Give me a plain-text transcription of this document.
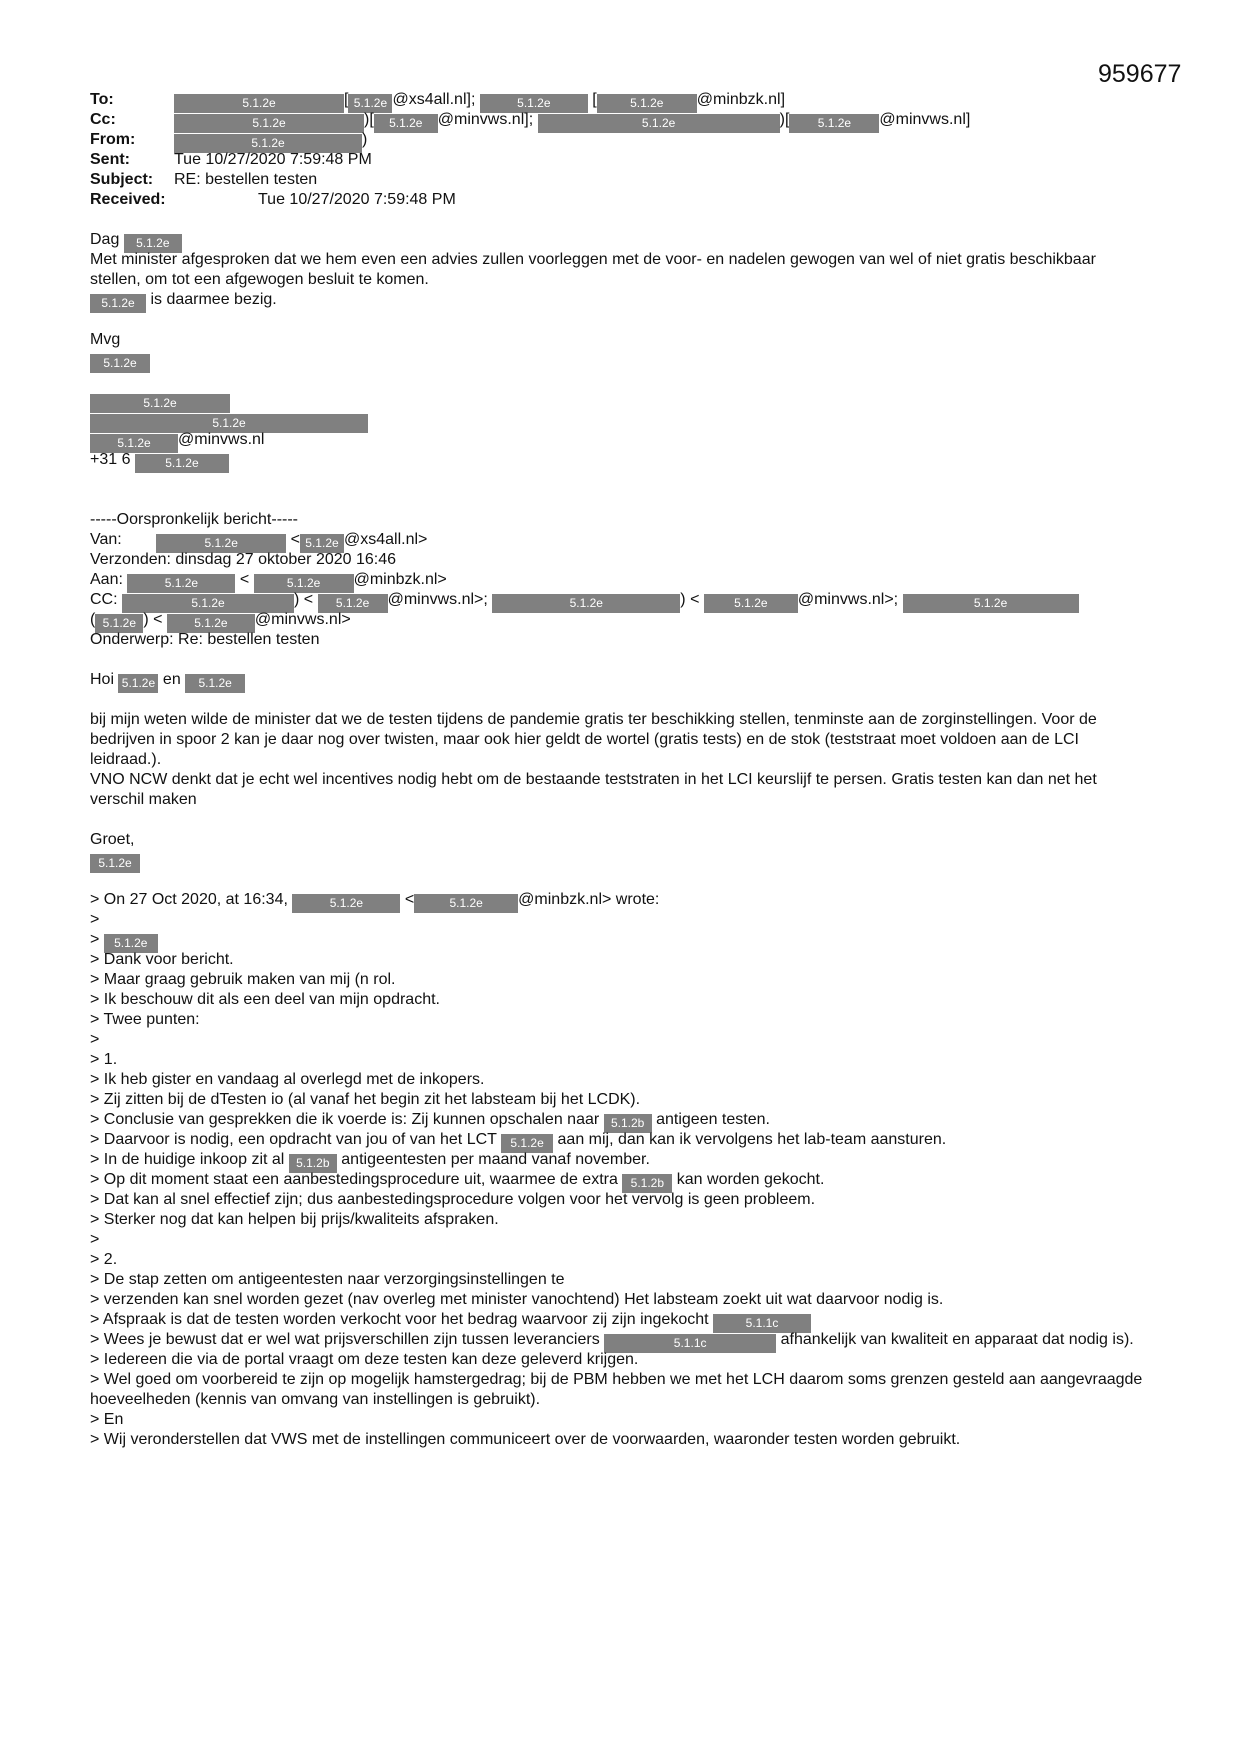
959677
To:	5.1.2e	[ 5.1.2e @xs4all.nl];	5.1.2e	[	5.1.2e @minbzk.nl]
Cc:	5.1.2e	)[ 5.1.2e @minvws.nl];	5.1.2e	)[ 5.1.2e @minvws.nl]
From:	5.1.2e	)
Sent:	Tue 10/27/2020 7:59:48 PM
Subject: RE: bestellen testen
Received:	Tue 10/27/2020 7:59:48 PM
Dag 5.1.2e
Met minister afgesproken dat we hem even een advies zullen voorleggen met de voor- en nadelen gewogen van wel of niet gratis beschikbaar stellen, om tot een afgewogen besluit te komen.
5.1.2e is daarmee bezig.
Mvg
5.1.2e
5.1.2e
5.1.2e
5.1.2e @minvws.nl
+31 6	5.1.2e
-----Oorspronkelijk bericht-----
Van:	5.1.2e	< 5.1.2e @xs4all.nl>
Verzonden: dinsdag 27 oktober 2020 16:46
Aan:	5.1.2e <	5.1.2e @minbzk.nl>
CC:	5.1.2e	) < 5.1.2e @minvws.nl>;	5.1.2e	) <	5.1.2e @minvws.nl>;	5.1.2e
( 5.1.2e ) < 5.1.2e @minvws.nl>
Onderwerp: Re: bestellen testen
Hoi 5.1.2e en 5.1.2e
bij mijn weten wilde de minister dat we de testen tijdens de pandemie gratis ter beschikking stellen, tenminste aan de zorginstellingen. Voor de bedrijven in spoor 2 kan je daar nog over twisten, maar ook hier geldt de wortel (gratis tests) en de stok (teststraat moet voldoen aan de LCI leidraad.).
VNO NCW denkt dat je echt wel incentives nodig hebt om de bestaande teststraten in het LCI keurslijf te persen. Gratis testen kan dan net het verschil maken
Groet,
5.1.2e
> On 27 Oct 2020, at 16:34,	5.1.2e <	5.1.2e @minbzk.nl> wrote:
>
> 5.1.2e
> Dank voor bericht.
> Maar graag gebruik maken van mij (n rol.
> Ik beschouw dit als een deel van mijn opdracht.
> Twee punten:
>
> 1.
> Ik heb gister en vandaag al overlegd met de inkopers.
> Zij zitten bij de dTesten io (al vanaf het begin zit het labsteam bij het LCDK).
> Conclusie van gesprekken die ik voerde is: Zij kunnen opschalen naar 5.1.2b antigeen testen.
> Daarvoor is nodig, een opdracht van jou of van het LCT 5.1.2e aan mij, dan kan ik vervolgens het lab-team aansturen.
> In de huidige inkoop zit al 5.1.2b antigeentesten per maand vanaf november.
> Op dit moment staat een aanbestedingsprocedure uit, waarmee de extra 5.1.2b kan worden gekocht.
> Dat kan al snel effectief zijn; dus aanbestedingsprocedure volgen voor het vervolg is geen probleem.
> Sterker nog dat kan helpen bij prijs/kwaliteits afspraken.
>
> 2.
> De stap zetten om antigeentesten naar verzorgingsinstellingen te
> verzenden kan snel worden gezet (nav overleg met minister vanochtend) Het labsteam zoekt uit wat daarvoor nodig is.
> Afspraak is dat de testen worden verkocht voor het bedrag waarvoor zij zijn ingekocht	5.1.1c
> Wees je bewust dat er wel wat prijsverschillen zijn tussen leveranciers	5.1.1c	afhankelijk van kwaliteit en apparaat dat nodig is).
> Iedereen die via de portal vraagt om deze testen kan deze geleverd krijgen.
> Wel goed om voorbereid te zijn op mogelijk hamstergedrag; bij de PBM hebben we met het LCH daarom soms grenzen gesteld aan aangevraagde hoeveelheden (kennis van omvang van instellingen is gebruikt).
> En
> Wij veronderstellen dat VWS met de instellingen communiceert over de voorwaarden, waaronder testen worden gebruikt.
